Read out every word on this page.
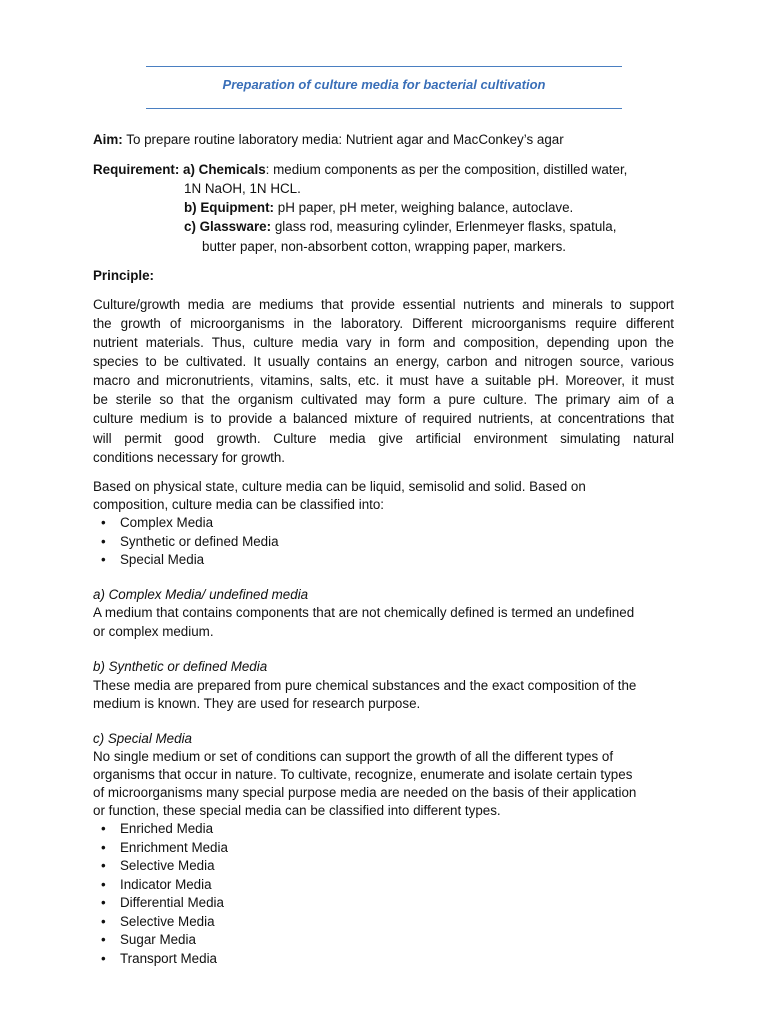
Preparation of culture media for bacterial cultivation
Aim: To prepare routine laboratory media: Nutrient agar and MacConkey’s agar
Requirement: a) Chemicals: medium components as per the composition, distilled water,
1N NaOH, 1N HCL.
b) Equipment: pH paper, pH meter, weighing balance, autoclave.
c) Glassware: glass rod, measuring cylinder, Erlenmeyer flasks, spatula,
butter paper, non-absorbent cotton, wrapping paper, markers.
Principle:
Culture/growth media are mediums that provide essential nutrients and minerals to support
the growth of microorganisms in the laboratory. Different microorganisms require different
nutrient materials. Thus, culture media vary in form and composition, depending upon the
species to be cultivated. It usually contains an energy, carbon and nitrogen source, various
macro and micronutrients, vitamins, salts, etc. it must have a suitable pH. Moreover, it must
be sterile so that the organism cultivated may form a pure culture. The primary aim of a
culture medium is to provide a balanced mixture of required nutrients, at concentrations that
will permit good growth. Culture media give artificial environment simulating natural
conditions necessary for growth.
Based on physical state, culture media can be liquid, semisolid and solid. Based on
composition, culture media can be classified into:
• Complex Media
• Synthetic or defined Media
• Special Media
a) Complex Media/ undefined media
A medium that contains components that are not chemically defined is termed an undefined
or complex medium.
b) Synthetic or defined Media
These media are prepared from pure chemical substances and the exact composition of the
medium is known. They are used for research purpose.
c) Special Media
No single medium or set of conditions can support the growth of all the different types of
organisms that occur in nature. To cultivate, recognize, enumerate and isolate certain types
of microorganisms many special purpose media are needed on the basis of their application
or function, these special media can be classified into different types.
• Enriched Media
• Enrichment Media
• Selective Media
• Indicator Media
• Differential Media
• Selective Media
• Sugar Media
• Transport Media
